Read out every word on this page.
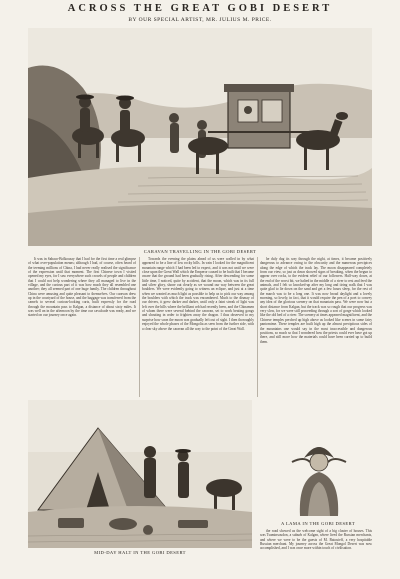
ACROSS THE GREAT GOBI DESERT
BY OUR SPECIAL ARTIST, MR. JULIUS M. PRICE.
CARAVAN TRAVELLING IN THE GOBI DESERT

It was in Sabaco-Bolkousay that I had for the first time a real glimpse of what over-population means; although I had, of course, often heard of the teeming millions of China, I had never really realised the significance of the expression until that moment. The first Chinese town I visited opened my eyes, for I saw everywhere such crowds of people and children that I could not help wondering where they all managed to live in the village, and the curious part of it was how much they all resembled one another; they all seemed part of one huge family. The children throughout China were amusing and quite pleasant to themselves. Our caravan drew up in the courtyard of the house, and the baggage was transferred from the camels to several curious-looking carts, built expressly for the road through the mountain pass to Kalgan, a distance of about sixty miles. It was well on in the afternoon by the time our cavalcade was ready, and we started on our journey once again.

Towards the evening the plains ahead of us were walled in by what appeared to be a line of low rocky hills. In vain I looked for the magnificent mountain range which I had been led to expect, and it was not until we were close upon the Great Wall which the Emperor caused to be built that I became aware that the ground had been gradually rising. After descending for some little time, I noticed, quite by accident, that the moon, which was in its full and silver glory, shone out clearly as we wound our way between the great boulders. We were evidently going to witness an eclipse, and just at a time when we wanted as much light as possible to help us to pick our way among the boulders with which the track was encumbered. Much to the dismay of our drivers, it grew darker and darker, until only a faint streak of light was left over the hills where the brilliant orb had recently been, and the Chinamen of whom there were several behind the caravan, set to work beating gongs and shouting in order to frighten away the dragon. I thus observed to my surprise how soon the moon was gradually left out of sight. I then thoroughly enjoyed the whole phases of the Mongolia as seen from the further side, with a clear sky above the caravan all the way to the point of the Great Wall.

he duly dug its way through the night, at times, it became positively dangerous to advance owing to the obscurity and the numerous precipices along the edge of which the track lay. The moon disappeared completely from our view, so just as dawn showed signs of breaking, when the begun to appear over rocks, to the evident relief of our followers. Half-way down, at the end of the worst bit, we halted in the middle of a river to rest and feed the animals, and I felt so knocked-up after my long and tiring walk that I was quite glad to lie down on the sand and get a few hours sleep, for the rest of the march was to be a long one. It was now broad daylight and a lovely morning, so lovely, in fact, that it would require the pen of a poet to convey any idea of the glorious scenery on that mountain pass. We were now but a short distance from Kalgan, but the track was so rough that our progress was very slow, for we were still proceeding through a sort of gorge which looked like the old bed of a river. The scenery at times appeared magnificent, and the Chinese temples perched up high above us looked like scenes in some fairy pantomime. These temples are built high up the almost precipitous sides of the mountains one would say in the most inaccessible and dangerous positions, so much so that I wondered how the priests could ever have got up there, and still more how the materials could have been carried up to build them.

MID-DAY HALT IN THE GOBI DESERT
A LAMA IN THE GOBI DESERT

the road showed us the welcome sight of a big cluster of houses. This was Tsaminsoudon, a suburb of Kalgan, where lived the Russian merchants, and where we were to be the guests of M. Batouieff, a very hospitable Russian merchant. My journey across the Great Mongol Desert was now accomplished, and I was once more within touch of civilisation.
